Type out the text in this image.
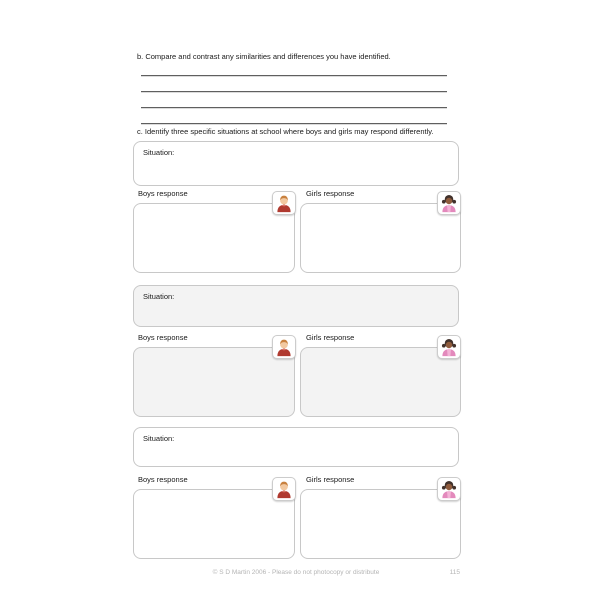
b. Compare and contrast any similarities and differences you have identified.
c. Identify three specific situations at school where boys and girls may respond differently.
Situation:
Boys response	Girls response
Situation:
Boys response	Girls response
Situation:
Boys response	Girls response
© S D Martin 2006 - Please do not photocopy or distribute	115
